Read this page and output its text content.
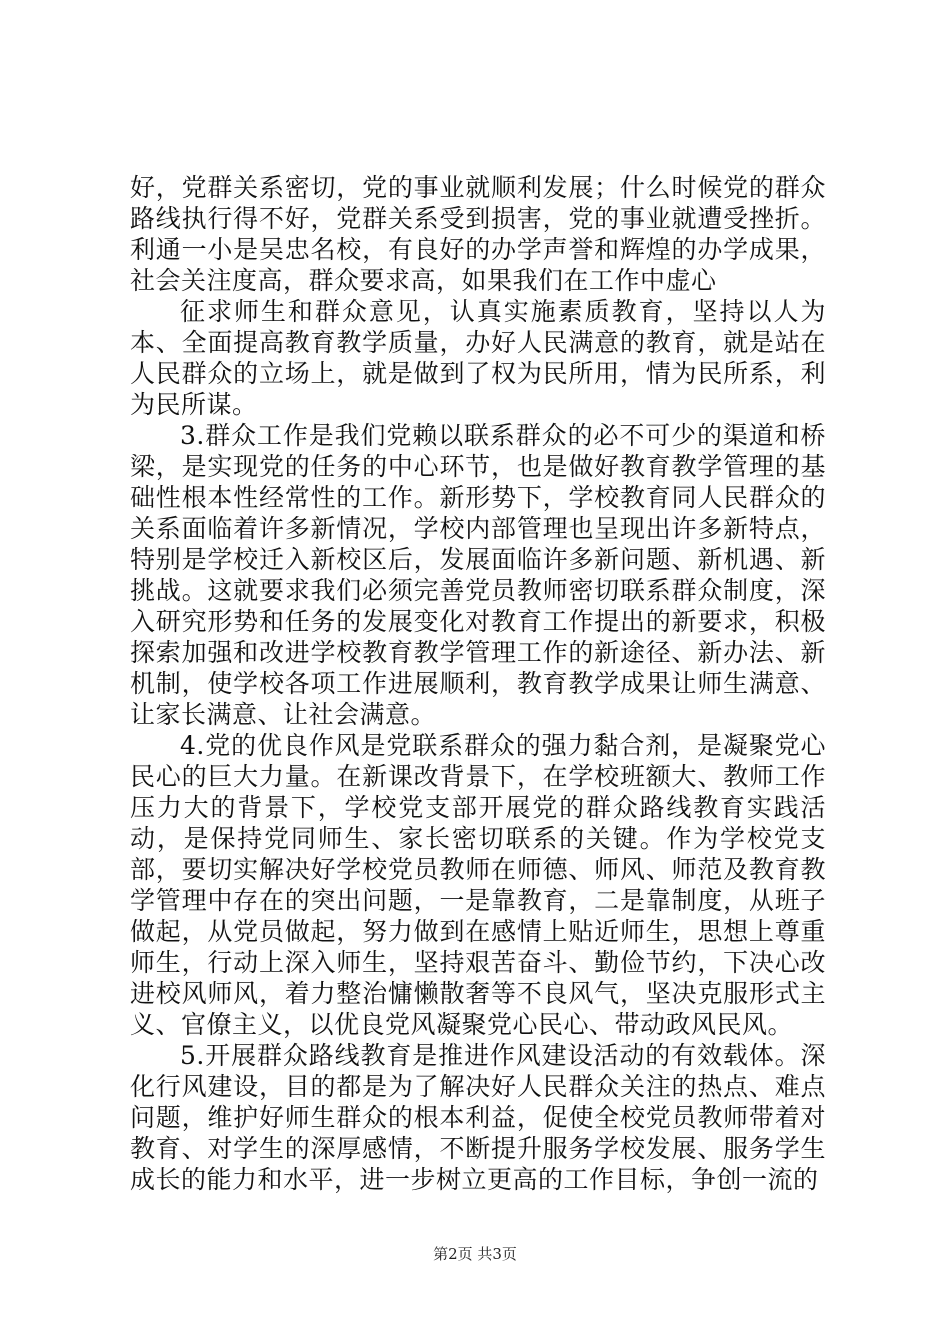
好，党群关系密切，党的事业就顺利发展；什么时候党的群众路线执行得不好，党群关系受到损害，党的事业就遭受挫折。利通一小是吴忠名校，有良好的办学声誉和辉煌的办学成果，社会关注度高，群众要求高，如果我们在工作中虚心

征求师生和群众意见，认真实施素质教育，坚持以人为本、全面提高教育教学质量，办好人民满意的教育，就是站在人民群众的立场上，就是做到了权为民所用，情为民所系，利为民所谋。

3.群众工作是我们党赖以联系群众的必不可少的渠道和桥梁，是实现党的任务的中心环节，也是做好教育教学管理的基础性根本性经常性的工作。新形势下，学校教育同人民群众的关系面临着许多新情况，学校内部管理也呈现出许多新特点，特别是学校迁入新校区后，发展面临许多新问题、新机遇、新挑战。这就要求我们必须完善党员教师密切联系群众制度，深入研究形势和任务的发展变化对教育工作提出的新要求，积极探索加强和改进学校教育教学管理工作的新途径、新办法、新机制，使学校各项工作进展顺利，教育教学成果让师生满意、让家长满意、让社会满意。

4.党的优良作风是党联系群众的强力黏合剂，是凝聚党心民心的巨大力量。在新课改背景下，在学校班额大、教师工作压力大的背景下，学校党支部开展党的群众路线教育实践活动，是保持党同师生、家长密切联系的关键。作为学校党支部，要切实解决好学校党员教师在师德、师风、师范及教育教学管理中存在的突出问题，一是靠教育，二是靠制度，从班子做起，从党员做起，努力做到在感情上贴近师生，思想上尊重师生，行动上深入师生，坚持艰苦奋斗、勤俭节约，下决心改进校风师风，着力整治慵懒散奢等不良风气，坚决克服形式主义、官僚主义，以优良党风凝聚党心民心、带动政风民风。

5.开展群众路线教育是推进作风建设活动的有效载体。深化行风建设，目的都是为了解决好人民群众关注的热点、难点问题，维护好师生群众的根本利益，促使全校党员教师带着对教育、对学生的深厚感情，不断提升服务学校发展、服务学生成长的能力和水平，进一步树立更高的工作目标，争创一流的

第2页 共3页
